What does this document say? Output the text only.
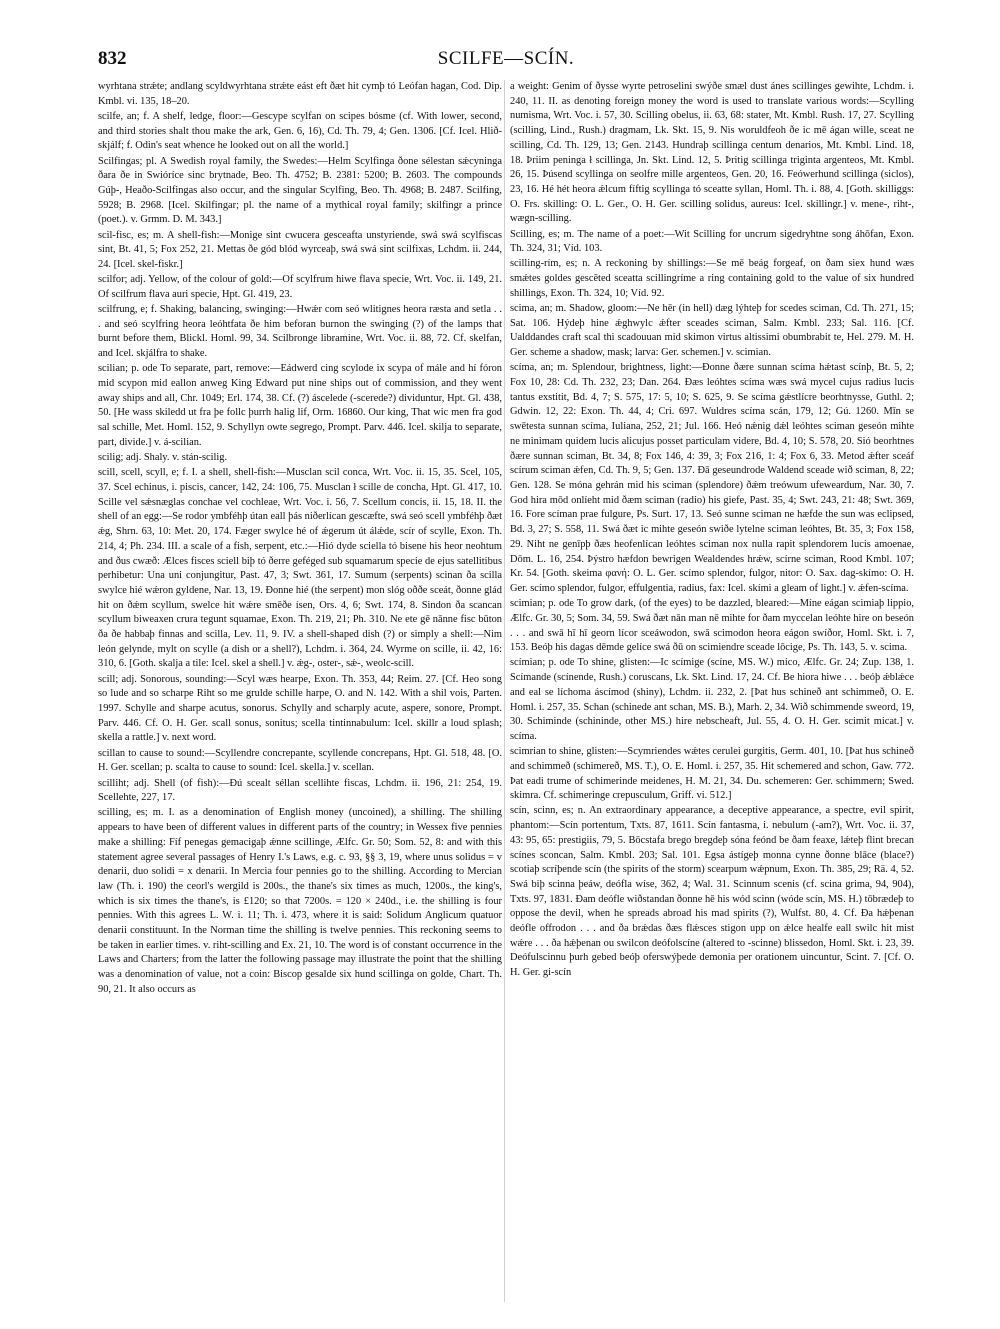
SCILFE—SCÍN.
832

wyrhtana strǽte; andlang scyldwyrhtana strǽte eást eft ðæt hit cymþ tó Leófan hagan, Cod. Dip. Kmbl. vi. 135, 18–20.

scilfe, an; f. A shelf, ledge, floor:—Gescype scylfan on scipes bósme (cf. With lower, second, and third stories shalt thou make the ark, Gen. 6, 16), Cd. Th. 79, 4; Gen. 1306. [Cf. Icel. Hlið-skjálf; f. Odin's seat whence he looked out on all the world.]

Scilfingas; pl. A Swedish royal family, the Swedes:—Helm Scylfinga ðone sélestan sǽcyninga ðara ðe in Swióríce sinc brytnade, Beo. Th. 4752; B. 2381: 5200; B. 2603. The compounds Gúþ-, Heaðo-Scilfingas also occur, and the singular Scylfing, Beo. Th. 4968; B. 2487. Scilfing, 5928; B. 2968. [Icel. Skilfingar; pl. the name of a mythical royal family; skilfingr a prince (poet.). v. Grmm. D. M. 343.]

scil-fisc, es; m. A shell-fish:—Monige sint cwucera gesceafta unstyriende, swá swá scylfiscas sint, Bt. 41, 5; Fox 252, 21. Mettas ðe gód blód wyrceaþ, swá swá sint scilfixas, Lchdm. ii. 244, 24. [Icel. skel-fiskr.]

scilfor; adj. Yellow, of the colour of gold:—Of scylfrum hiwe flava specie, Wrt. Voc. ii. 149, 21. Of scilfrum flava auri specie, Hpt. Gl. 419, 23.

scilfrung, e; f. Shaking, balancing, swinging:—Hwǽr com seó wlitignes heora ræsta and setla . . . and seó scylfring heora leóhtfata ðe him beforan burnon the swinging (?) of the lamps that burnt before them, Blickl. Homl. 99, 34. Scilbronge libramine, Wrt. Voc. ii. 88, 72. Cf. skelfan, and Icel. skjálfra to shake.

scilian; p. ode To separate, part, remove:—Eádwerd cing scylode ix scypa of mále and hí fóron mid scypon mid eallon anweg King Edward put nine ships out of commission, and they went away ships and all, Chr. 1049; Erl. 174, 38. Cf. (?) áscelede (-scerede?) dividuntur, Hpt. Gl. 438, 50. [He wass skiledd ut fra þe follc þurrh halig lif, Orm. 16860. Our king, That wic men fra god sal schille, Met. Homl. 152, 9. Schyllyn owte segrego, Prompt. Parv. 446. Icel. skilja to separate, part, divide.] v. á-scilian.

scilig; adj. Shaly. v. stán-scilig.

scill, scell, scyll, e; f. I. a shell, shell-fish:—Musclan scil conca, Wrt. Voc. ii. 15, 35. Scel, 105, 37. Scel echinus, i. piscis, cancer, 142, 24: 106, 75. Musclan ł scille de concha, Hpt. Gl. 417, 10. Scille vel sǽsnæglas conchae vel cochleae, Wrt. Voc. i. 56, 7. Scellum concis, ii. 15, 18. II. the shell of an egg:—Se rodor ymbféhþ útan eall þás niðerlícan gescæfte, swá seó scell ymbféhþ ðæt ǽg, Shrn. 63, 10: Met. 20, 174. Fæger swylce hé of ǽgerum út álǽde, scír of scylle, Exon. Th. 214, 4; Ph. 234. III. a scale of a fish, serpent, etc.:—Hió dyde sciella tó bisene his heor neohtum and ðus cwæð: Ælces fisces sciell biþ tó ðerre geféged sub squamarum specie de ejus satellitibus perhibetur: Una uni conjungitur, Past. 47, 3; Swt. 361, 17. Sumum (serpents) scinan ða scilla swylce hié wǽron gyldene, Nar. 13, 19. Ðonne hié (the serpent) mon slóg oððe sceát, ðonne glád hit on ðǽm scyllum, swelce hit wǽre smēðe ísen, Ors. 4, 6; Swt. 174, 8. Sindon ða scancan scyllum biweaxen crura tegunt squamae, Exon. Th. 219, 21; Ph. 310. Ne ete gē nānne fisc būton ða ðe habbaþ finnas and scilla, Lev. 11, 9. IV. a shell-shaped dish (?) or simply a shell:—Nim león gelynde, mylt on scylle (a dish or a shell?), Lchdm. i. 364, 24. Wyrme on scille, ii. 42, 16: 310, 6. [Goth. skalja a tile: Icel. skel a shell.] v. ǽg-, oster-, sǽ-, weolc-scill.

scill; adj. Sonorous, sounding:—Scyl wæs hearpe, Exon. Th. 353, 44; Reim. 27. [Cf. Heo song so lude and so scharpe Riht so me grulde schille harpe, O. and N. 142. With a shil vois, Parten. 1997. Schylle and sharpe acutus, sonorus. Schylly and scharply acute, aspere, sonore, Prompt. Parv. 446. Cf. O. H. Ger. scall sonus, sonitus; scella tintinnabulum: Icel. skillr a loud splash; skella a rattle.] v. next word.

scillan to cause to sound:—Scyllendre concrepante, scyllende concrepans, Hpt. Gl. 518, 48. [O. H. Ger. scellan; p. scalta to cause to sound: Icel. skella.] v. scellan.

scilliht; adj. Shell (of fish):—Ðú scealt séllan scellihte fiscas, Lchdm. ii. 196, 21: 254, 19. Scellehte, 227, 17.

scilling, es; m. I. as a denomination of English money (uncoined), a shilling. The shilling appears to have been of different values in different parts of the country; in Wessex five pennies make a shilling: Fíf penegas gemacigaþ ǽnne scillinge, Ælfc. Gr. 50; Som. 52, 8: and with this statement agree several passages of Henry I.'s Laws, e.g. c. 93, §§ 3, 19, where unus solidus = v denarii, duo solidi = x denarii. In Mercia four pennies go to the shilling. According to Mercian law (Th. i. 190) the ceorl's wergild is 200s., the thane's six times as much, 1200s., the king's, which is six times the thane's, is £120; so that 7200s. = 120 × 240d., i.e. the shilling is four pennies. With this agrees L. W. i. 11; Th. i. 473, where it is said: Solidum Anglicum quatuor denarii constituunt. In the Norman time the shilling is twelve pennies. This reckoning seems to be taken in earlier times. v. riht-scilling and Ex. 21, 10. The word is of constant occurrence in the Laws and Charters; from the latter the following passage may illustrate the point that the shilling was a denomination of value, not a coin: Biscop gesalde six hund scillinga on golde, Chart. Th. 90, 21. It also occurs as

a weight: Genim of ðysse wyrte petroselini swýðe smæl dust ánes scillinges gewihte, Lchdm. i. 240, 11. II. as denoting foreign money the word is used to translate various words:—Scylling numisma, Wrt. Voc. i. 57, 30. Scilling obelus, ii. 63, 68: stater, Mt. Kmbl. Rush. 17, 27. Scylling (scilling, Lind., Rush.) dragmam, Lk. Skt. 15, 9. Nis woruldfeoh ðe ic mē ágan wille, sceat ne scilling, Cd. Th. 129, 13; Gen. 2143. Hundraþ scillinga centum denarios, Mt. Kmbl. Lind. 18, 18. Þriim peninga ł scillinga, Jn. Skt. Lind. 12, 5. Þritig scillinga triginta argenteos, Mt. Kmbl. 26, 15. Þúsend scyllinga on seolfre mille argenteos, Gen. 20, 16. Feówerhund scillinga (siclos), 23, 16. Hé hét heora ǽlcum fíftig scyllinga tó sceatte syllan, Homl. Th. i. 88, 4. [Goth. skilliggs: O. Frs. skilling: O. L. Ger., O. H. Ger. scilling solidus, aureus: Icel. skillingr.] v. mene-, riht-, wægn-scilling.

Scilling, es; m. The name of a poet:—Wit Scilling for uncrum sigedryhtne song áhōfan, Exon. Th. 324, 31; Víd. 103.

scilling-rím, es; n. A reckoning by shillings:—Se mē beág forgeaf, on ðam siex hund wæs smǽtes goldes gescēted sceatta scillingríme a ring containing gold to the value of six hundred shillings, Exon. Th. 324, 10; Víd. 92.

scima, an; m. Shadow, gloom:—Ne hēr (in hell) dæg lýhteþ for scedes sciman, Cd. Th. 271, 15; Sat. 106. Hýdeþ hine ǽghwylc ǽfter sceades sciman, Salm. Kmbl. 233; Sal. 116. [Cf. Ualddandes craft scal thi scadouuan mid skimon virtus altissimi obumbrabit te, Hel. 279. M. H. Ger. scheme a shadow, mask; larva: Ger. schemen.] v. scimian.

scíma, an; m. Splendour, brightness, light:—Ðonne ðære sunnan scíma hǽtast scínþ, Bt. 5, 2; Fox 10, 28: Cd. Th. 232, 23; Dan. 264. Ðæs leóhtes scíma wæs swá mycel cujus radius lucis tantus exstitit, Bd. 4, 7; S. 575, 17: 5, 10; S. 625, 9. Se scíma gǽstlícre beorhtnysse, Guthl. 2; Gdwin. 12, 22: Exon. Th. 44, 4; Cri. 697. Wuldres scíma scán, 179, 12; Gú. 1260. Mīn se swētesta sunnan scíma, Iuliana, 252, 21; Jul. 166. Heó nǽnig dǽl leóhtes sciman geseón mihte ne minimam quidem lucis alicujus posset particulam videre, Bd. 4, 10; S. 578, 20. Sió beorhtnes ðære sunnan sciman, Bt. 34, 8; Fox 146, 4: 39, 3; Fox 216, 1: 4; Fox 6, 33. Metod ǽfter sceáf scírum sciman ǽfen, Cd. Th. 9, 5; Gen. 137. Ðā geseundrode Waldend sceade wið sciman, 8, 22; Gen. 128. Se móna gehrán mid his sciman (splendore) ðǽm treówum ufeweardum, Nar. 30, 7. God hira mōd onlíeht mid ðæm sciman (radio) his giefe, Past. 35, 4; Swt. 243, 21: 48; Swt. 369, 16. Fore scíman prae fulgure, Ps. Surt. 17, 13. Seó sunne sciman ne hæfde the sun was eclipsed, Bd. 3, 27; S. 558, 11. Swá ðæt ic mihte geseón swiðe lytelne sciman leóhtes, Bt. 35, 3; Fox 158, 29. Niht ne genīpþ ðæs heofenlícan leóhtes sciman nox nulla rapit splendorem lucis amoenae, Dōm. L. 16, 254. Þýstro hæfdon bewrigen Wealdendes hrǽw, scírne sciman, Rood Kmbl. 107; Kr. 54. [Goth. skeima φανή: O. L. Ger. scímo splendor, fulgor, nitor: O. Sax. dag-skímo: O. H. Ger. scímo splendor, fulgor, effulgentia, radius, fax: Icel. skími a gleam of light.] v. ǽfen-scíma.

scimian; p. ode To grow dark, (of the eyes) to be dazzled, bleared:—Míne eágan scimiaþ lippio, Ælfc. Gr. 30, 5; Som. 34, 59. Swá ðæt nān man nē mihte for ðam myccelan leóhte hire on beseón . . . and swā hī hī georn lícor sceáwodon, swā scimodon heora eágon swíðor, Homl. Skt. i. 7, 153. Beóþ his dagas dēmde gelíce swá ðū on scimiendre sceade lōcige, Ps. Th. 143, 5. v. scima.

scímian; p. ode To shine, glisten:—Ic scímige (scíne, MS. W.) mico, Ælfc. Gr. 24; Zup. 138, 1. Scímande (scínende, Rush.) coruscans, Lk. Skt. Lind. 17, 24. Cf. Be hiora hiwe . . . beóþ ǽblǽce and eal se líchoma áscímod (shiny), Lchdm. ii. 232, 2. [Þat hus schineð ant schimmeð, O. E. Homl. i. 257, 35. Schan (schinede ant schan, MS. B.), Marh. 2, 34. Wið schimmende sweord, 19, 30. Schiminde (schininde, other MS.) hire nebscheaft, Jul. 55, 4. O. H. Ger. scimit micat.] v. scíma.

scimrian to shine, glisten:—Scymriendes wǽtes cerulei gurgitis, Germ. 401, 10. [Þat hus schineð and schimmeð (schimereð, MS. T.), O. E. Homl. i. 257, 35. Hit schemered and schon, Gaw. 772. Þat eadi trume of schimerinde meidenes, H. M. 21, 34. Du. schemeren: Ger. schimmern; Swed. skimra. Cf. schimeringe crepusculum, Griff. vi. 512.]

scín, scinn, es; n. An extraordinary appearance, a deceptive appearance, a spectre, evil spirit, phantom:—Scín portentum, Txts. 87, 1611. Scín fantasma, i. nebulum (-am?), Wrt. Voc. ii. 37, 43: 95, 65: prestigiis, 79, 5. Bōcstafa brego bregdeþ sóna feónd be ðam feaxe, lǽteþ flint brecan scínes sconcan, Salm. Kmbl. 203; Sal. 101. Egsa ástígeþ monna cynne ðonne blāce (blace?) scotiaþ scríþende scín (the spirits of the storm) scearpum wǽpnum, Exon. Th. 385, 29; Rä. 4, 52. Swá biþ scinna þeáw, deófla wíse, 362, 4; Wal. 31. Scinnum scenis (cf. scina grima, 94, 904), Txts. 97, 1831. Ðam deófle wiðstandan ðonne hē his wód scinn (wóde scín, MS. H.) tōbrædeþ to oppose the devil, when he spreads abroad his mad spirits (?), Wulfst. 80, 4. Cf. Ða hǽþenan deófle offrodon . . . and ða brǽdas ðæs flǽsces stigon upp on ǽlce healfe eall swilc hit mist wǽre . . . ða hǽþenan ou swilcon deófolscíne (altered to -scinne) blissedon, Homl. Skt. i. 23, 39. Deófulscinnu þurh gebed beóþ oferswýþede demonia per orationem uincuntur, Scint. 7. [Cf. O. H. Ger. gi-scín
